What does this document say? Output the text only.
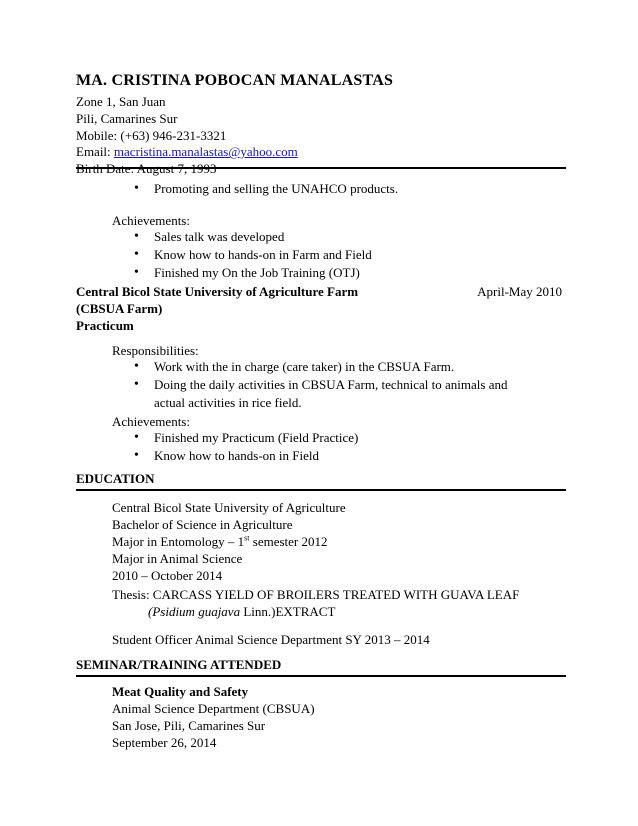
MA. CRISTINA POBOCAN MANALASTAS
Zone 1, San Juan
Pili, Camarines Sur
Mobile: (+63) 946-231-3321
Email: macristina.manalastas@yahoo.com
Birth Date: August 7, 1993
• Promoting and selling the UNAHCO products.
Achievements:
• Sales talk was developed
• Know how to hands-on in Farm and Field
• Finished my On the Job Training (OTJ)
Central Bicol State University of Agriculture Farm	April-May 2010
(CBSUA Farm)
Practicum
Responsibilities:
• Work with the in charge (care taker) in the CBSUA Farm.
• Doing the daily activities in CBSUA Farm, technical to animals and actual activities in rice field.
Achievements:
• Finished my Practicum (Field Practice)
• Know how to hands-on in Field
EDUCATION
Central Bicol State University of Agriculture
Bachelor of Science in Agriculture
Major in Entomology – 1st semester 2012
Major in Animal Science
2010 – October 2014
Thesis: CARCASS YIELD OF BROILERS TREATED WITH GUAVA LEAF
(Psidium guajava Linn.)EXTRACT
Student Officer Animal Science Department SY 2013 – 2014
SEMINAR/TRAINING ATTENDED
Meat Quality and Safety
Animal Science Department (CBSUA)
San Jose, Pili, Camarines Sur
September 26, 2014
